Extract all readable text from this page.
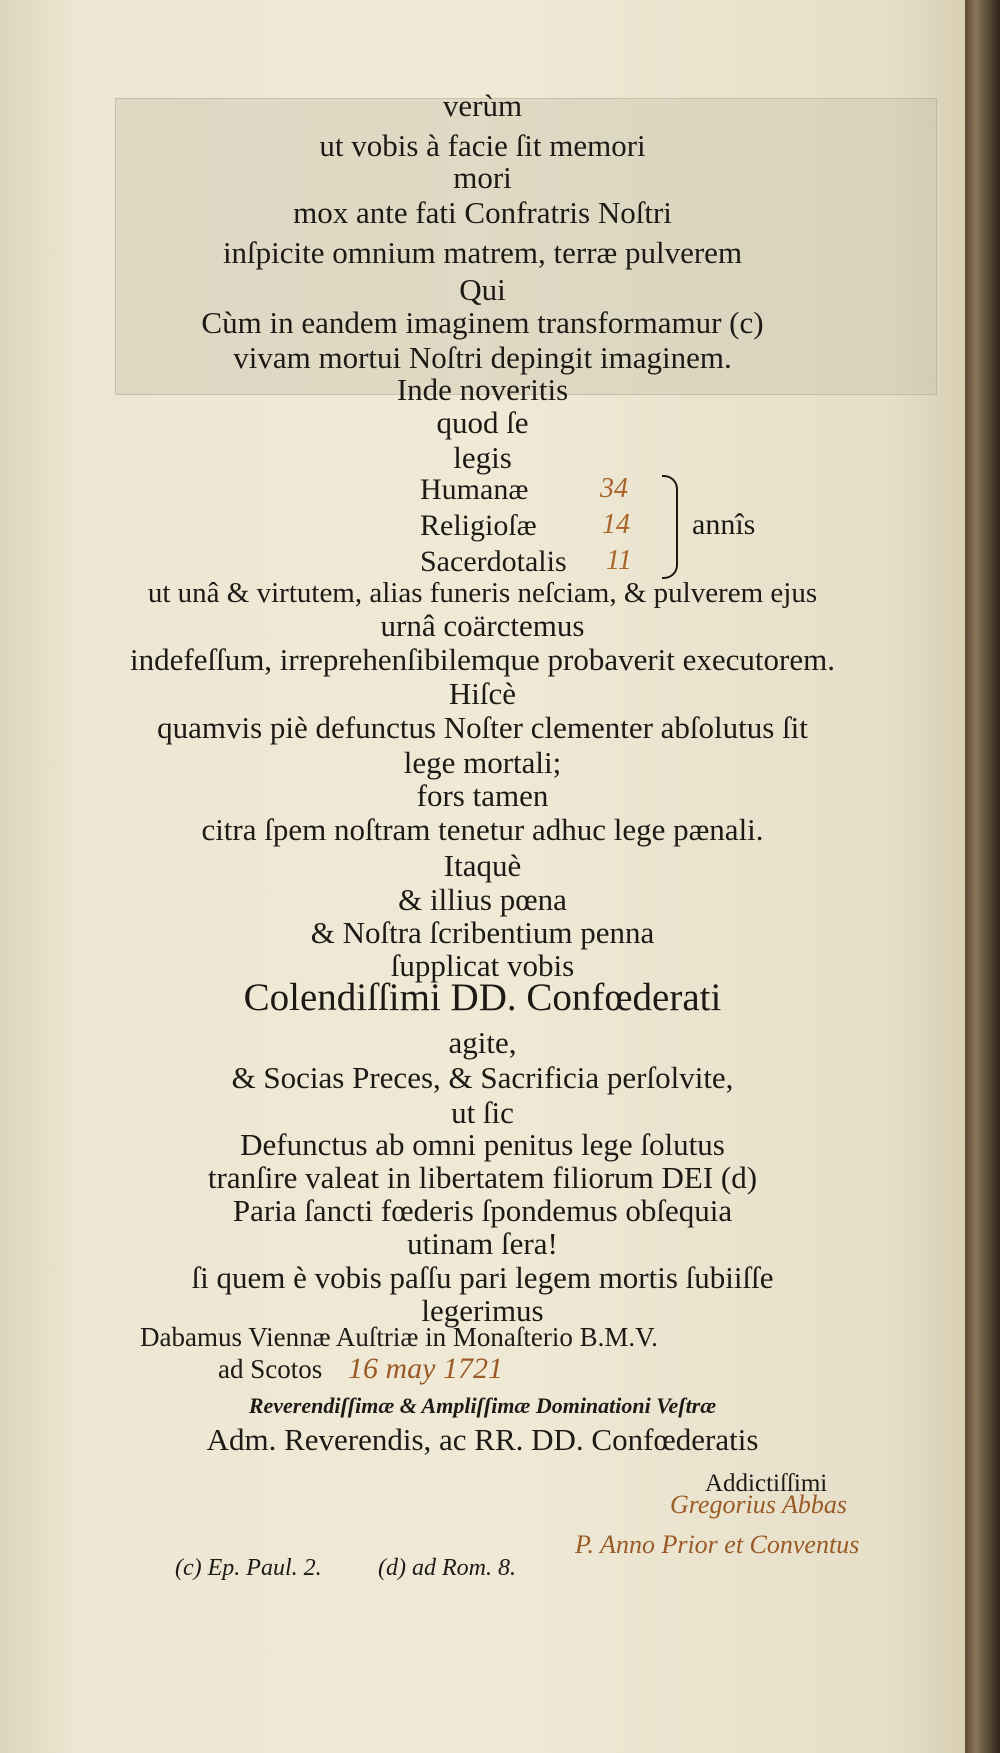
verùm
ut vobis à facie ſit memori
mori
mox ante fati Confratris Noſtri
inſpicite omnium matrem, terræ pulverem
Qui
Cùm in eandem imaginem transformamur (c)
vivam mortui Noſtri depingit imaginem.
Inde noveritis
quod ſe
legis
Humanæ
Religioſæ
Sacerdotalis
34
14
11
annîs
ut unâ & virtutem, alias funeris neſciam, & pulverem ejus
urnâ coärctemus
indefeſſum, irreprehenſibilemque probaverit executorem.
Hiſcè
quamvis piè defunctus Noſter clementer abſolutus ſit
lege mortali;
fors tamen
citra ſpem noſtram tenetur adhuc lege pænali.
Itaquè
& illius pœna
& Noſtra ſcribentium penna
ſupplicat vobis
Colendiſſimi DD. Confœderati
agite,
& Socias Preces, & Sacrificia perſolvite,
ut ſic
Defunctus ab omni penitus lege ſolutus
tranſire valeat in libertatem filiorum DEI (d)
Paria ſancti fœderis ſpondemus obſequia
utinam ſera!
ſi quem è vobis paſſu pari legem mortis ſubiiſſe
legerimus
Dabamus Viennæ Auſtriæ in Monaſterio B.M.V.
ad Scotos 16 may 1721
Reverendiſſimæ & Ampliſſimæ Dominationi Veſtræ
Adm. Reverendis, ac RR. DD. Confœderatis
Addictiſſimi
Gregorius Abbas
P. Anno Prior et Conventus
(c) Ep. Paul. 2. (d) ad Rom. 8.
